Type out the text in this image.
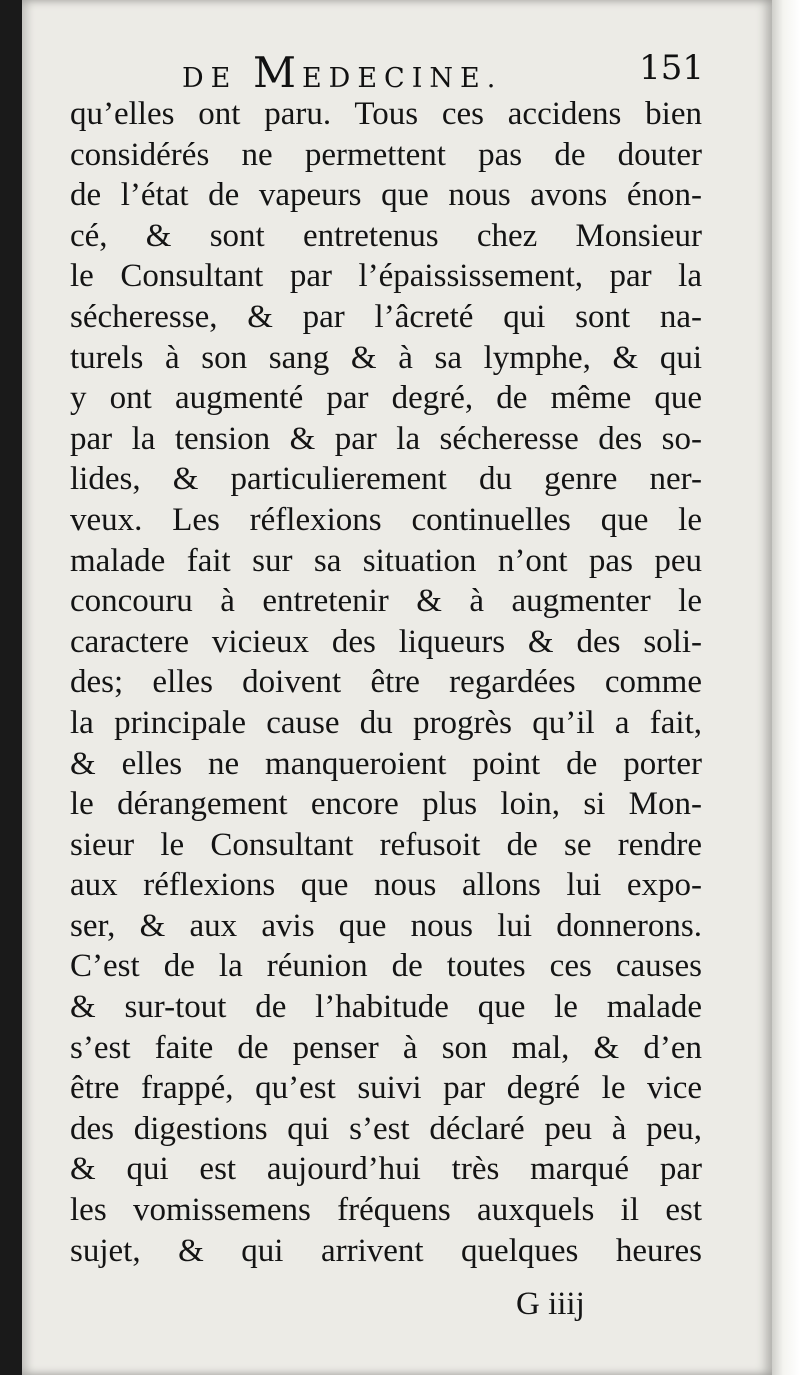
DE MEDECINE.	151
qu’elles ont paru. Tous ces accidens bien
considérés ne permettent pas de douter
de l’état de vapeurs que nous avons énon-
cé, & sont entretenus chez Monsieur
le Consultant par l’épaississement, par la
sécheresse, & par l’âcreté qui sont na-
turels à son sang & à sa lymphe, & qui
y ont augmenté par degré, de même que
par la tension & par la sécheresse des so-
lides, & particulierement du genre ner-
veux. Les réflexions continuelles que le
malade fait sur sa situation n’ont pas peu
concouru à entretenir & à augmenter le
caractere vicieux des liqueurs & des soli-
des; elles doivent être regardées comme
la principale cause du progrès qu’il a fait,
& elles ne manqueroient point de porter
le dérangement encore plus loin, si Mon-
sieur le Consultant refusoit de se rendre
aux réflexions que nous allons lui expo-
ser, & aux avis que nous lui donnerons.
C’est de la réunion de toutes ces causes
& sur-tout de l’habitude que le malade
s’est faite de penser à son mal, & d’en
être frappé, qu’est suivi par degré le vice
des digestions qui s’est déclaré peu à peu,
& qui est aujourd’hui très marqué par
les vomissemens fréquens auxquels il est
sujet, & qui arrivent quelques heures
G iiij
